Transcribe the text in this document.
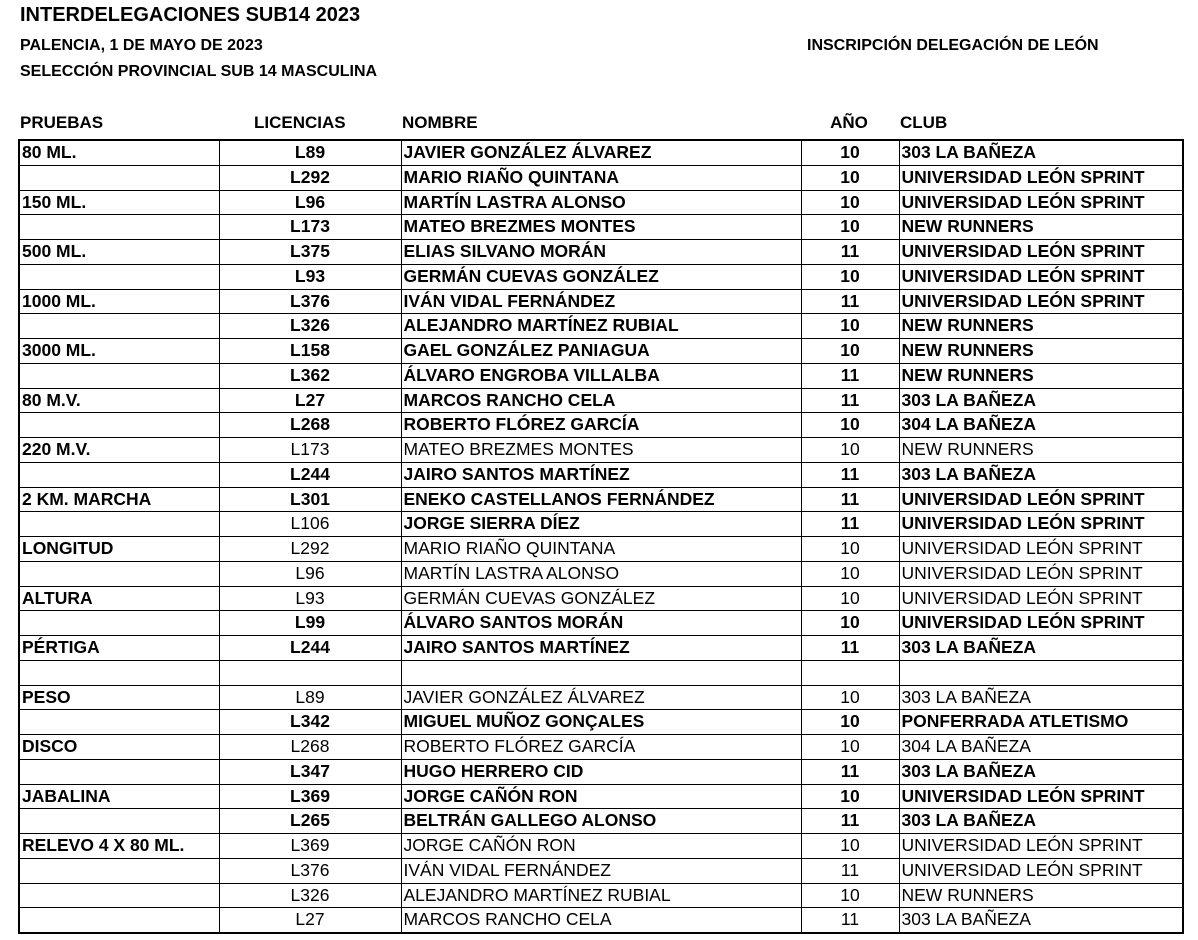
INTERDELEGACIONES SUB14 2023
PALENCIA, 1 DE MAYO DE 2023
SELECCIÓN PROVINCIAL SUB 14 MASCULINA
INSCRIPCIÓN DELEGACIÓN DE LEÓN
PRUEBAS	LICENCIAS	NOMBRE	AÑO	CLUB
80 ML.	L89	JAVIER GONZÁLEZ ÁLVAREZ	10	303 LA BAÑEZA
	L292	MARIO RIAÑO QUINTANA	10	UNIVERSIDAD LEÓN SPRINT
150 ML.	L96	MARTÍN LASTRA ALONSO	10	UNIVERSIDAD LEÓN SPRINT
	L173	MATEO BREZMES MONTES	10	NEW RUNNERS
500 ML.	L375	ELIAS SILVANO MORÁN	11	UNIVERSIDAD LEÓN SPRINT
	L93	GERMÁN CUEVAS GONZÁLEZ	10	UNIVERSIDAD LEÓN SPRINT
1000 ML.	L376	IVÁN VIDAL FERNÁNDEZ	11	UNIVERSIDAD LEÓN SPRINT
	L326	ALEJANDRO MARTÍNEZ RUBIAL	10	NEW RUNNERS
3000 ML.	L158	GAEL GONZÁLEZ PANIAGUA	10	NEW RUNNERS
	L362	ÁLVARO ENGROBA VILLALBA	11	NEW RUNNERS
80 M.V.	L27	MARCOS RANCHO CELA	11	303 LA BAÑEZA
	L268	ROBERTO FLÓREZ GARCÍA	10	304 LA BAÑEZA
220 M.V.	L173	MATEO BREZMES MONTES	10	NEW RUNNERS
	L244	JAIRO SANTOS MARTÍNEZ	11	303 LA BAÑEZA
2 KM. MARCHA	L301	ENEKO CASTELLANOS FERNÁNDEZ	11	UNIVERSIDAD LEÓN SPRINT
	L106	JORGE SIERRA DÍEZ	11	UNIVERSIDAD LEÓN SPRINT
LONGITUD	L292	MARIO RIAÑO QUINTANA	10	UNIVERSIDAD LEÓN SPRINT
	L96	MARTÍN LASTRA ALONSO	10	UNIVERSIDAD LEÓN SPRINT
ALTURA	L93	GERMÁN CUEVAS GONZÁLEZ	10	UNIVERSIDAD LEÓN SPRINT
	L99	ÁLVARO SANTOS MORÁN	10	UNIVERSIDAD LEÓN SPRINT
PÉRTIGA	L244	JAIRO SANTOS MARTÍNEZ	11	303 LA BAÑEZA

PESO	L89	JAVIER GONZÁLEZ ÁLVAREZ	10	303 LA BAÑEZA
	L342	MIGUEL MUÑOZ GONÇALES	10	PONFERRADA ATLETISMO
DISCO	L268	ROBERTO FLÓREZ GARCÍA	10	304 LA BAÑEZA
	L347	HUGO HERRERO CID	11	303 LA BAÑEZA
JABALINA	L369	JORGE CAÑÓN RON	10	UNIVERSIDAD LEÓN SPRINT
	L265	BELTRÁN GALLEGO ALONSO	11	303 LA BAÑEZA
RELEVO 4 X 80 ML.	L369	JORGE CAÑÓN RON	10	UNIVERSIDAD LEÓN SPRINT
	L376	IVÁN VIDAL FERNÁNDEZ	11	UNIVERSIDAD LEÓN SPRINT
	L326	ALEJANDRO MARTÍNEZ RUBIAL	10	NEW RUNNERS
	L27	MARCOS RANCHO CELA	11	303 LA BAÑEZA
